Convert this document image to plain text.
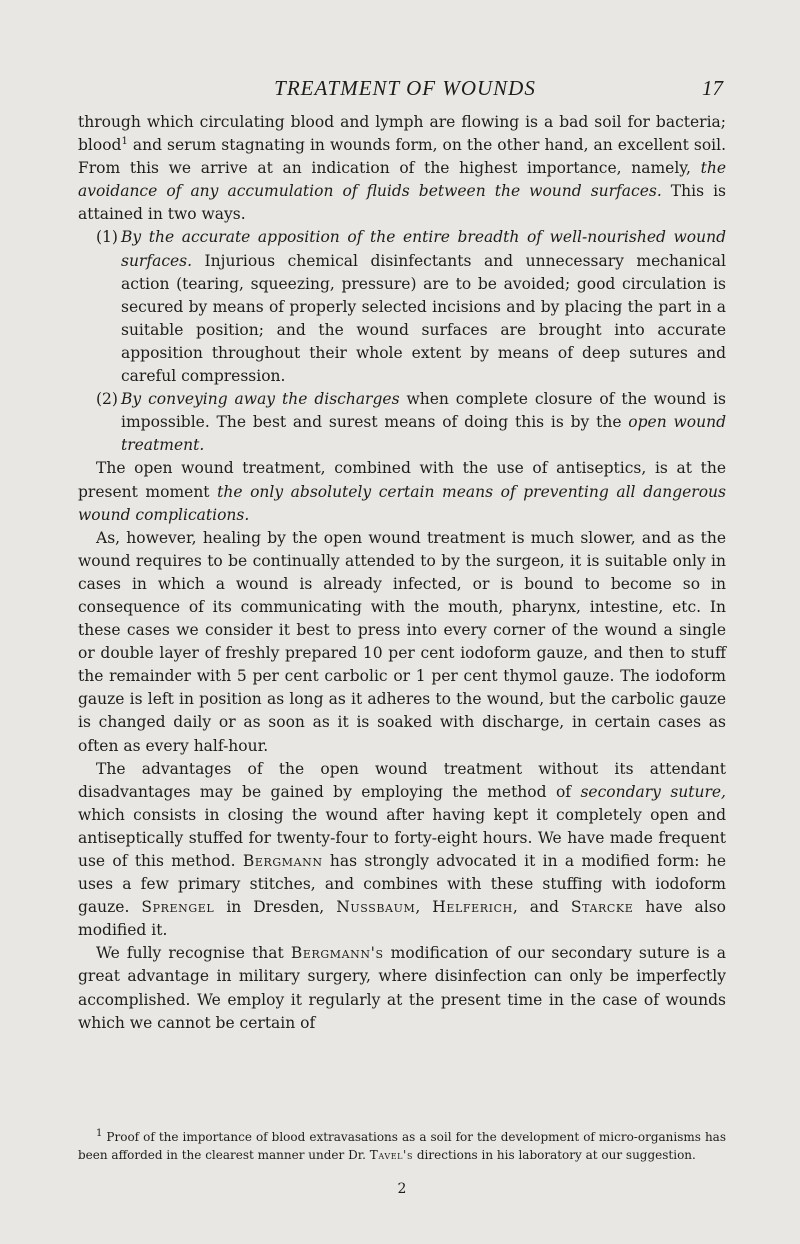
TREATMENT OF WOUNDS	17

through which circulating blood and lymph are flowing is a bad soil for bacteria; blood$^1$ and serum stagnating in wounds form, on the other hand, an excellent soil. From this we arrive at an indication of the highest importance, namely, the avoidance of any accumulation of fluids between the wound surfaces. This is attained in two ways.

(1) By the accurate apposition of the entire breadth of well-nourished wound surfaces. Injurious chemical disinfectants and unnecessary mechanical action (tearing, squeezing, pressure) are to be avoided; good circulation is secured by means of properly selected incisions and by placing the part in a suitable position; and the wound surfaces are brought into accurate apposition throughout their whole extent by means of deep sutures and careful compression.

(2) By conveying away the discharges when complete closure of the wound is impossible. The best and surest means of doing this is by the open wound treatment.

The open wound treatment, combined with the use of antiseptics, is at the present moment the only absolutely certain means of preventing all dangerous wound complications.

As, however, healing by the open wound treatment is much slower, and as the wound requires to be continually attended to by the surgeon, it is suitable only in cases in which a wound is already infected, or is bound to become so in consequence of its communicating with the mouth, pharynx, intestine, etc. In these cases we consider it best to press into every corner of the wound a single or double layer of freshly prepared 10 per cent iodoform gauze, and then to stuff the remainder with 5 per cent carbolic or 1 per cent thymol gauze. The iodoform gauze is left in position as long as it adheres to the wound, but the carbolic gauze is changed daily or as soon as it is soaked with discharge, in certain cases as often as every half-hour.

The advantages of the open wound treatment without its attendant disadvantages may be gained by employing the method of secondary suture, which consists in closing the wound after having kept it completely open and antiseptically stuffed for twenty-four to forty-eight hours. We have made frequent use of this method. Bergmann has strongly advocated it in a modified form: he uses a few primary stitches, and combines with these stuffing with iodoform gauze. Sprengel in Dresden, Nussbaum, Helferich, and Starcke have also modified it.

We fully recognise that Bergmann's modification of our secondary suture is a great advantage in military surgery, where disinfection can only be imperfectly accomplished. We employ it regularly at the present time in the case of wounds which we cannot be certain of

$^1$ Proof of the importance of blood extravasations as a soil for the development of micro-organisms has been afforded in the clearest manner under Dr. Tavel's directions in his laboratory at our suggestion.

2
